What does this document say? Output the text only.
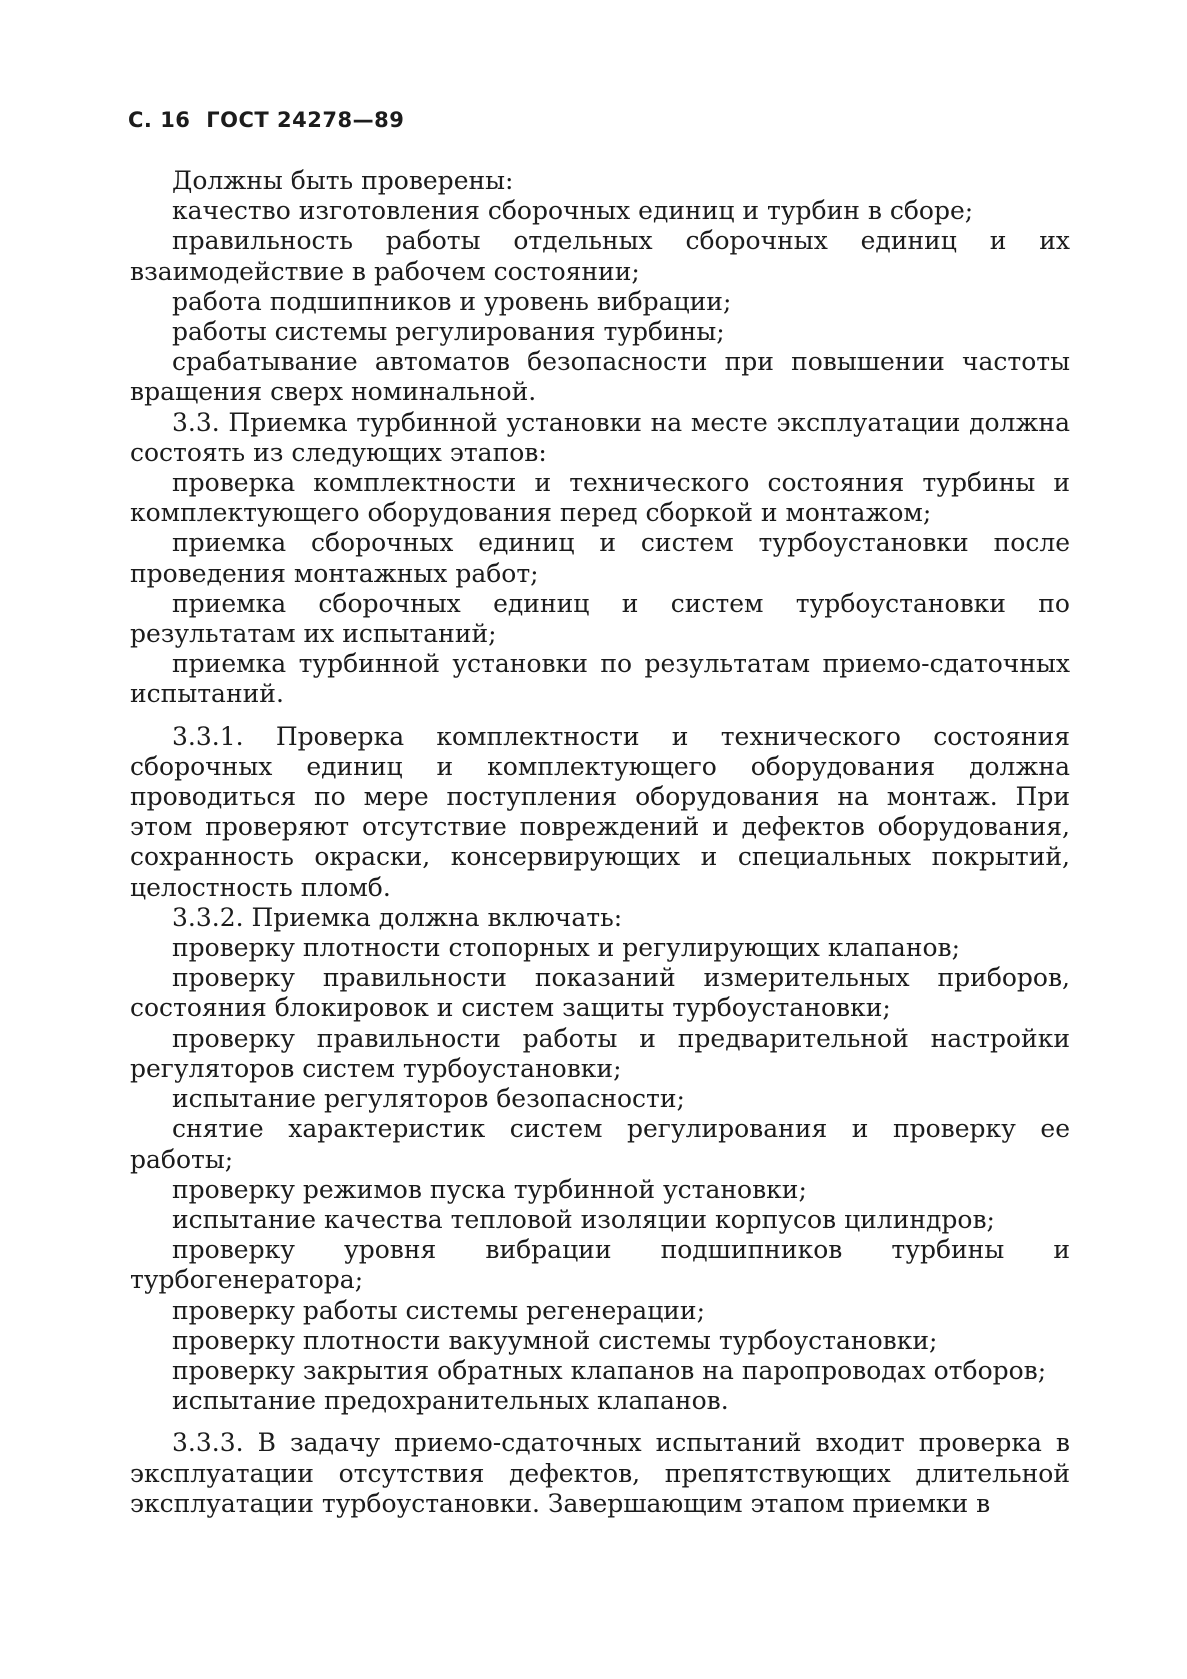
С. 16 ГОСТ 24278—89

Должны быть проверены:

качество изготовления сборочных единиц и турбин в сборе;

правильность работы отдельных сборочных единиц и их взаимодействие в рабочем состоянии;

работа подшипников и уровень вибрации;

работы системы регулирования турбины;

срабатывание автоматов безопасности при повышении частоты вращения сверх номинальной.

3.3. Приемка турбинной установки на месте эксплуатации должна состоять из следующих этапов:

проверка комплектности и технического состояния турбины и комплектующего оборудования перед сборкой и монтажом;

приемка сборочных единиц и систем турбоустановки после проведения монтажных работ;

приемка сборочных единиц и систем турбоустановки по результатам их испытаний;

приемка турбинной установки по результатам приемо-сдаточных испытаний.

3.3.1. Проверка комплектности и технического состояния сборочных единиц и комплектующего оборудования должна проводиться по мере поступления оборудования на монтаж. При этом проверяют отсутствие повреждений и дефектов оборудования, сохранность окраски, консервирующих и специальных покрытий, целостность пломб.

3.3.2. Приемка должна включать:

проверку плотности стопорных и регулирующих клапанов;

проверку правильности показаний измерительных приборов, состояния блокировок и систем защиты турбоустановки;

проверку правильности работы и предварительной настройки регуляторов систем турбоустановки;

испытание регуляторов безопасности;

снятие характеристик систем регулирования и проверку ее работы;

проверку режимов пуска турбинной установки;

испытание качества тепловой изоляции корпусов цилиндров;

проверку уровня вибрации подшипников турбины и турбогенератора;

проверку работы системы регенерации;

проверку плотности вакуумной системы турбоустановки;

проверку закрытия обратных клапанов на паропроводах отборов;

испытание предохранительных клапанов.

3.3.3. В задачу приемо-сдаточных испытаний входит проверка в эксплуатации отсутствия дефектов, препятствующих длительной эксплуатации турбоустановки. Завершающим этапом приемки в
